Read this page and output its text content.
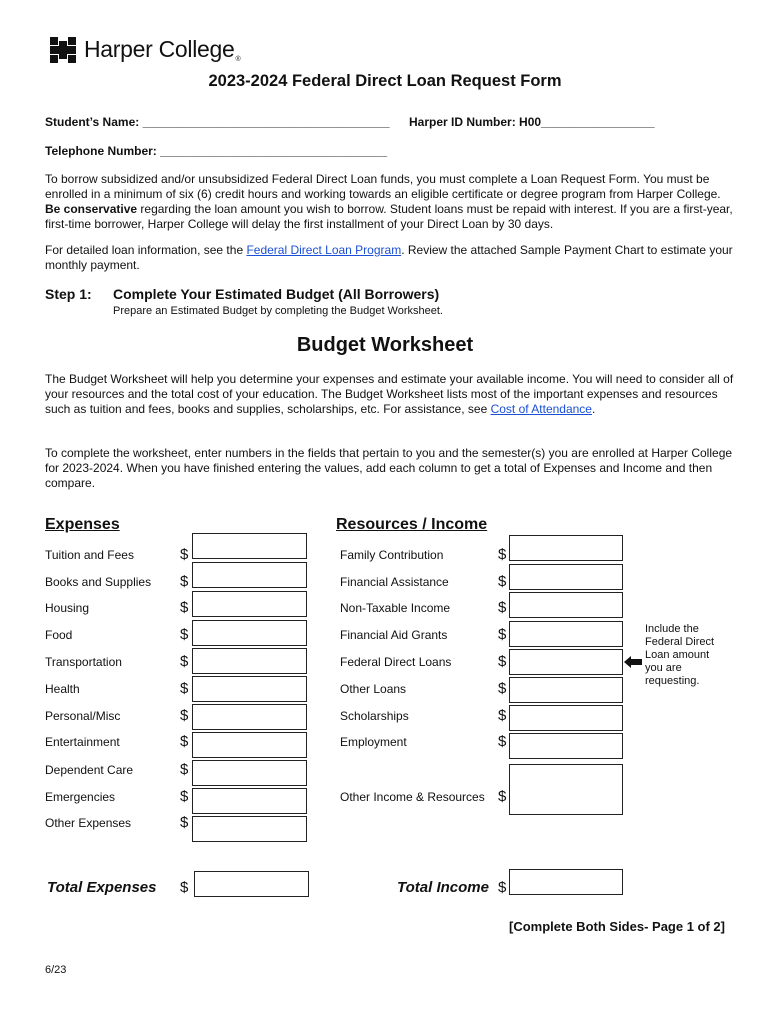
Harper College ®
2023-2024 Federal Direct Loan Request Form
Student’s Name: _____________________________________ Harper ID Number: H00_________________
Telephone Number: __________________________________
To borrow subsidized and/or unsubsidized Federal Direct Loan funds, you must complete a Loan Request Form. You must be enrolled in a minimum of six (6) credit hours and working towards an eligible certificate or degree program from Harper College. Be conservative regarding the loan amount you wish to borrow. Student loans must be repaid with interest. If you are a first-year, first-time borrower, Harper College will delay the first installment of your Direct Loan by 30 days.
For detailed loan information, see the Federal Direct Loan Program. Review the attached Sample Payment Chart to estimate your monthly payment.
Step 1: Complete Your Estimated Budget (All Borrowers)
Prepare an Estimated Budget by completing the Budget Worksheet.
Budget Worksheet
The Budget Worksheet will help you determine your expenses and estimate your available income. You will need to consider all of your resources and the total cost of your education. The Budget Worksheet lists most of the important expenses and resources such as tuition and fees, books and supplies, scholarships, etc. For assistance, see Cost of Attendance.
To complete the worksheet, enter numbers in the fields that pertain to you and the semester(s) you are enrolled at Harper College for 2023-2024. When you have finished entering the values, add each column to get a total of Expenses and Income and then compare.
Expenses	Resources / Income
Tuition and Fees	$
Books and Supplies $
Housing	$
Food	$
Transportation	$
Health	$
Personal/Misc	$
Entertainment	$
Dependent Care	$
Emergencies	$
Other Expenses	$
Family Contribution	$
Financial Assistance	$
Non-Taxable Income	$
Financial Aid Grants	$
Federal Direct Loans	$
Other Loans	$
Scholarships	$
Employment	$
Other Income & Resources $
Include the Federal Direct Loan amount you are requesting.
Total Expenses $	Total Income $
[Complete Both Sides- Page 1 of 2]
6/23
